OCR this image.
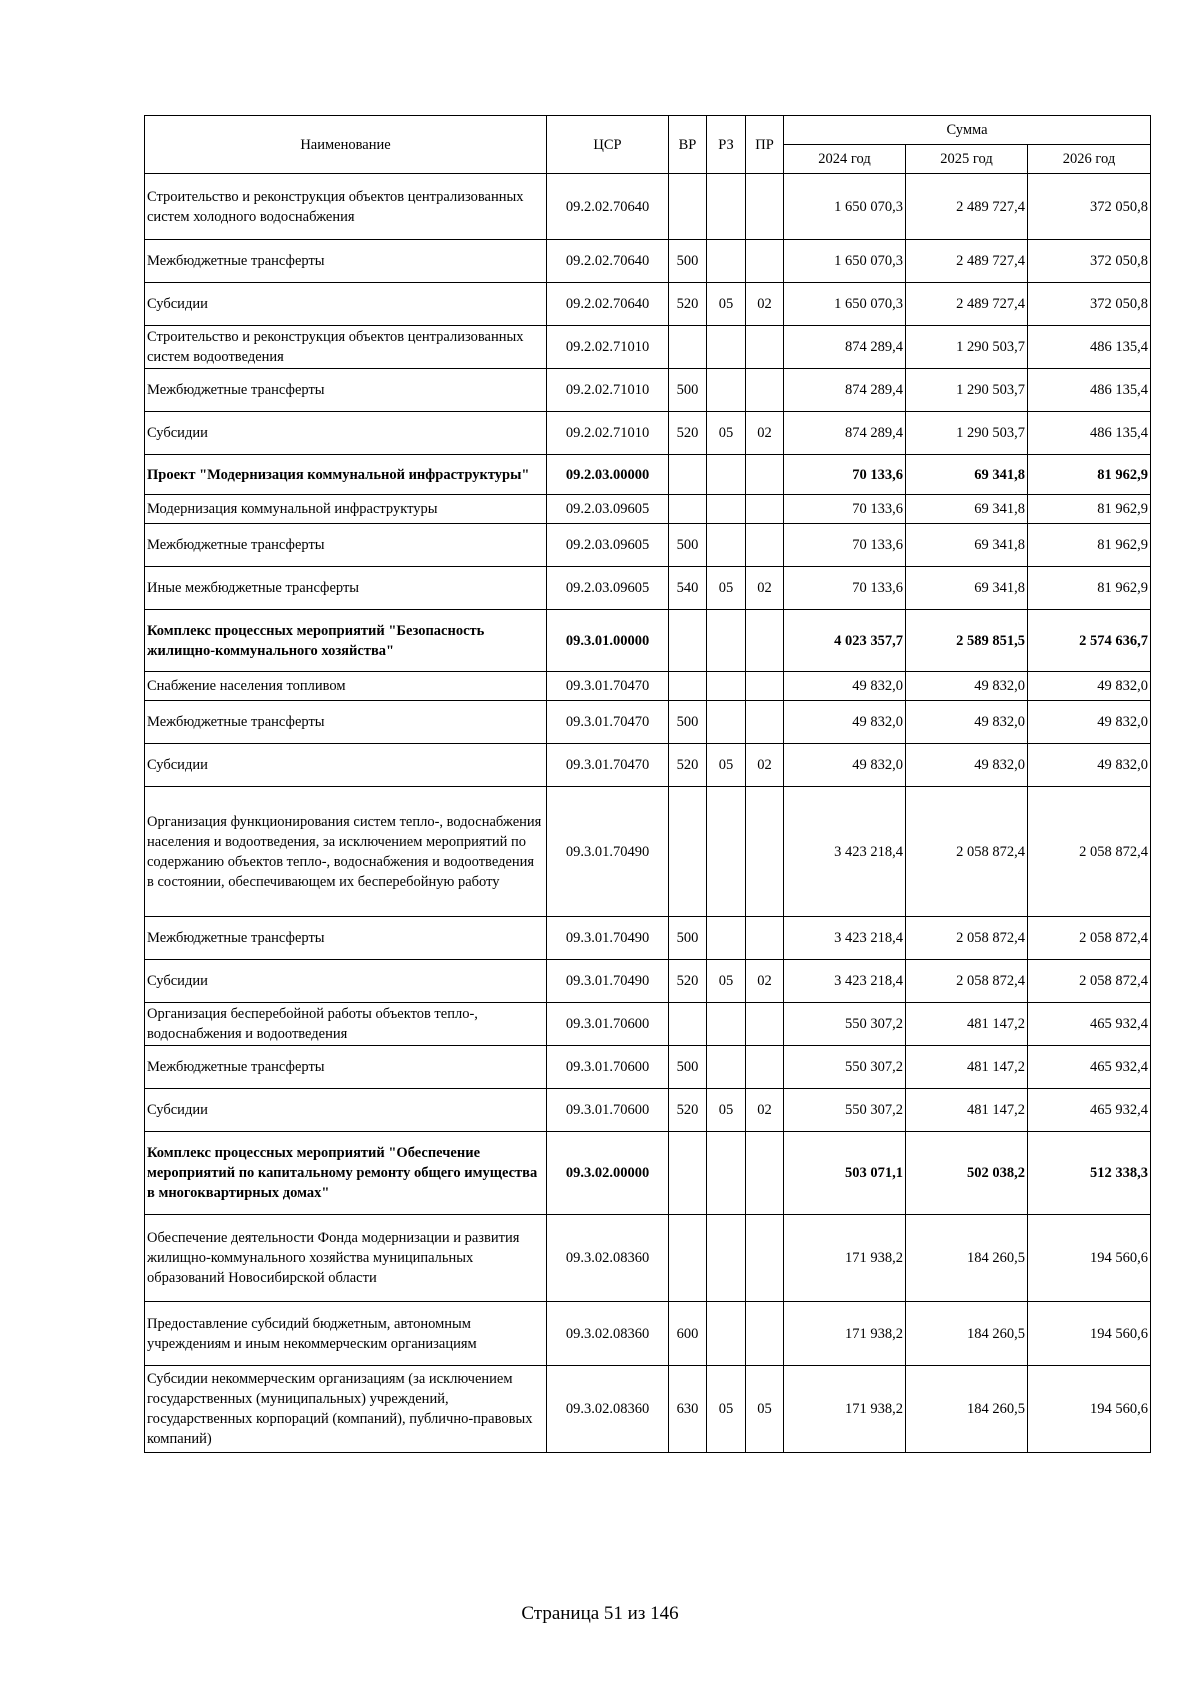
Наименование	ЦСР	ВР	РЗ	ПР	Сумма		
					2024 год	2025 год	2026 год
Строительство и реконструкция объектов централизованных систем холодного водоснабжения	09.2.02.70640				1 650 070,3	2 489 727,4	372 050,8
Межбюджетные трансферты	09.2.02.70640	500			1 650 070,3	2 489 727,4	372 050,8
Субсидии	09.2.02.70640	520	05	02	1 650 070,3	2 489 727,4	372 050,8
Строительство и реконструкция объектов централизованных систем водоотведения	09.2.02.71010				874 289,4	1 290 503,7	486 135,4
Межбюджетные трансферты	09.2.02.71010	500			874 289,4	1 290 503,7	486 135,4
Субсидии	09.2.02.71010	520	05	02	874 289,4	1 290 503,7	486 135,4
Проект "Модернизация коммунальной инфраструктуры"	09.2.03.00000				70 133,6	69 341,8	81 962,9
Модернизация коммунальной инфраструктуры	09.2.03.09605				70 133,6	69 341,8	81 962,9
Межбюджетные трансферты	09.2.03.09605	500			70 133,6	69 341,8	81 962,9
Иные межбюджетные трансферты	09.2.03.09605	540	05	02	70 133,6	69 341,8	81 962,9
Комплекс процессных мероприятий "Безопасность жилищно-коммунального хозяйства"	09.3.01.00000				4 023 357,7	2 589 851,5	2 574 636,7
Снабжение населения топливом	09.3.01.70470				49 832,0	49 832,0	49 832,0
Межбюджетные трансферты	09.3.01.70470	500			49 832,0	49 832,0	49 832,0
Субсидии	09.3.01.70470	520	05	02	49 832,0	49 832,0	49 832,0
Организация функционирования систем тепло-, водоснабжения населения и водоотведения, за исключением мероприятий по содержанию объектов тепло-, водоснабжения и водоотведения в состоянии, обеспечивающем их бесперебойную работу	09.3.01.70490				3 423 218,4	2 058 872,4	2 058 872,4
Межбюджетные трансферты	09.3.01.70490	500			3 423 218,4	2 058 872,4	2 058 872,4
Субсидии	09.3.01.70490	520	05	02	3 423 218,4	2 058 872,4	2 058 872,4
Организация бесперебойной работы объектов тепло-, водоснабжения и водоотведения	09.3.01.70600				550 307,2	481 147,2	465 932,4
Межбюджетные трансферты	09.3.01.70600	500			550 307,2	481 147,2	465 932,4
Субсидии	09.3.01.70600	520	05	02	550 307,2	481 147,2	465 932,4
Комплекс процессных мероприятий "Обеспечение мероприятий по капитальному ремонту общего имущества в многоквартирных домах"	09.3.02.00000				503 071,1	502 038,2	512 338,3
Обеспечение деятельности Фонда модернизации и развития жилищно-коммунального хозяйства муниципальных образований Новосибирской области	09.3.02.08360				171 938,2	184 260,5	194 560,6
Предоставление субсидий бюджетным, автономным учреждениям и иным некоммерческим организациям	09.3.02.08360	600			171 938,2	184 260,5	194 560,6
Субсидии некоммерческим организациям (за исключением государственных (муниципальных) учреждений, государственных корпораций (компаний), публично-правовых компаний)	09.3.02.08360	630	05	05	171 938,2	184 260,5	194 560,6
Страница 51 из 146
